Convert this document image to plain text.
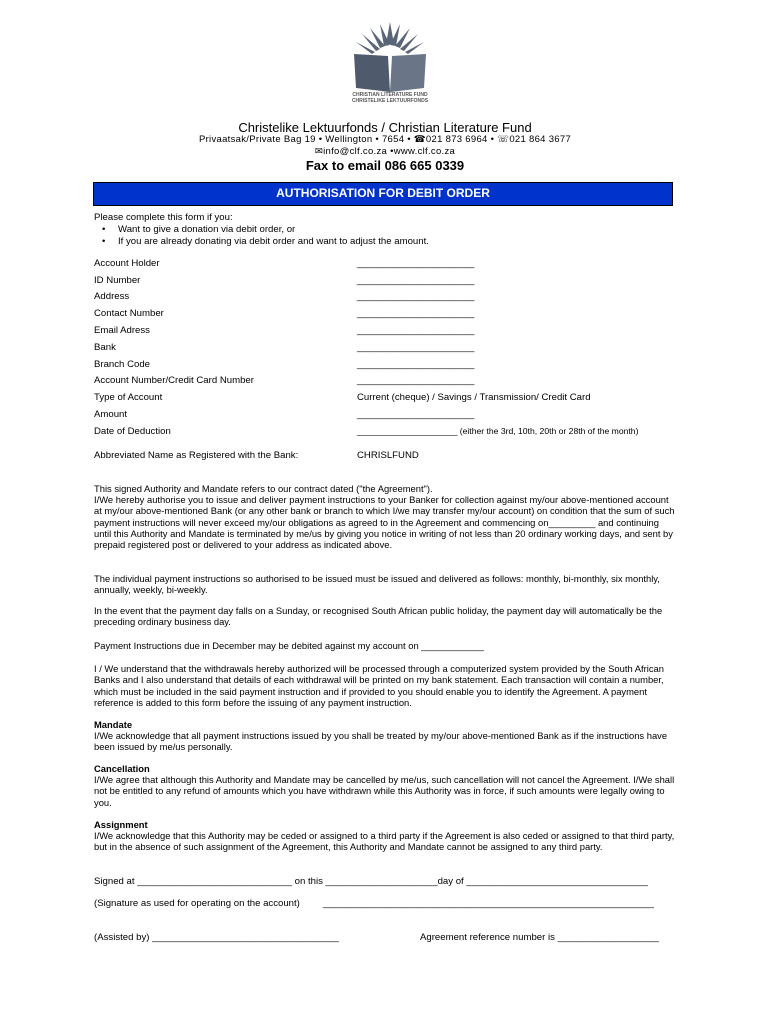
CHRISTIAN LITERATURE FUND
CHRISTELIKE LEKTUURFONDS
Christelike Lektuurfonds / Christian Literature Fund
Privaatsak/Private Bag 19 • Wellington • 7654 • ☎021 873 6964 • ☏021 864 3677
✉info@clf.co.za •www.clf.co.za
Fax to email 086 665 0339
AUTHORISATION FOR DEBIT ORDER
Please complete this form if you:
• Want to give a donation via debit order, or
• If you are already donating via debit order and want to adjust the amount.
Account Holder	______________________
ID Number	______________________
Address	______________________
Contact Number	______________________
Email Adress	______________________
Bank	______________________
Branch Code	______________________
Account Number/Credit Card Number	______________________
Type of Account	Current (cheque) / Savings / Transmission/ Credit Card
Amount	______________________
Date of Deduction	_____________________ (either the 3rd, 10th, 20th or 28th of the month)
Abbreviated Name as Registered with the Bank:	CHRISLFUND
This signed Authority and Mandate refers to our contract dated ("the Agreement").
I/We hereby authorise you to issue and deliver payment instructions to your Banker for collection against my/our above-mentioned account at my/our above-mentioned Bank (or any other bank or branch to which I/we may transfer my/our account) on condition that the sum of such payment instructions will never exceed my/our obligations as agreed to in the Agreement and commencing on_________ and continuing until this Authority and Mandate is terminated by me/us by giving you notice in writing of not less than 20 ordinary working days, and sent by prepaid registered post or delivered to your address as indicated above.
The individual payment instructions so authorised to be issued must be issued and delivered as follows: monthly, bi-monthly, six monthly, annually, weekly, bi-weekly.
In the event that the payment day falls on a Sunday, or recognised South African public holiday, the payment day will automatically be the preceding ordinary business day.
Payment Instructions due in December may be debited against my account on ____________
I / We understand that the withdrawals hereby authorized will be processed through a computerized system provided by the South African Banks and I also understand that details of each withdrawal will be printed on my bank statement. Each transaction will contain a number, which must be included in the said payment instruction and if provided to you should enable you to identify the Agreement. A payment reference is added to this form before the issuing of any payment instruction.
Mandate
I/We acknowledge that all payment instructions issued by you shall be treated by my/our above-mentioned Bank as if the instructions have been issued by me/us personally.
Cancellation
I/We agree that although this Authority and Mandate may be cancelled by me/us, such cancellation will not cancel the Agreement. I/We shall not be entitled to any refund of amounts which you have withdrawn while this Authority was in force, if such amounts were legally owing to you.
Assignment
I/We acknowledge that this Authority may be ceded or assigned to a third party if the Agreement is also ceded or assigned to that third party, but in the absence of such assignment of the Agreement, this Authority and Mandate cannot be assigned to any third party.
Signed at _____________________________ on this _____________________day of __________________________________
(Signature as used for operating on the account) ______________________________________________________________
(Assisted by) ___________________________________	Agreement reference number is ___________________
